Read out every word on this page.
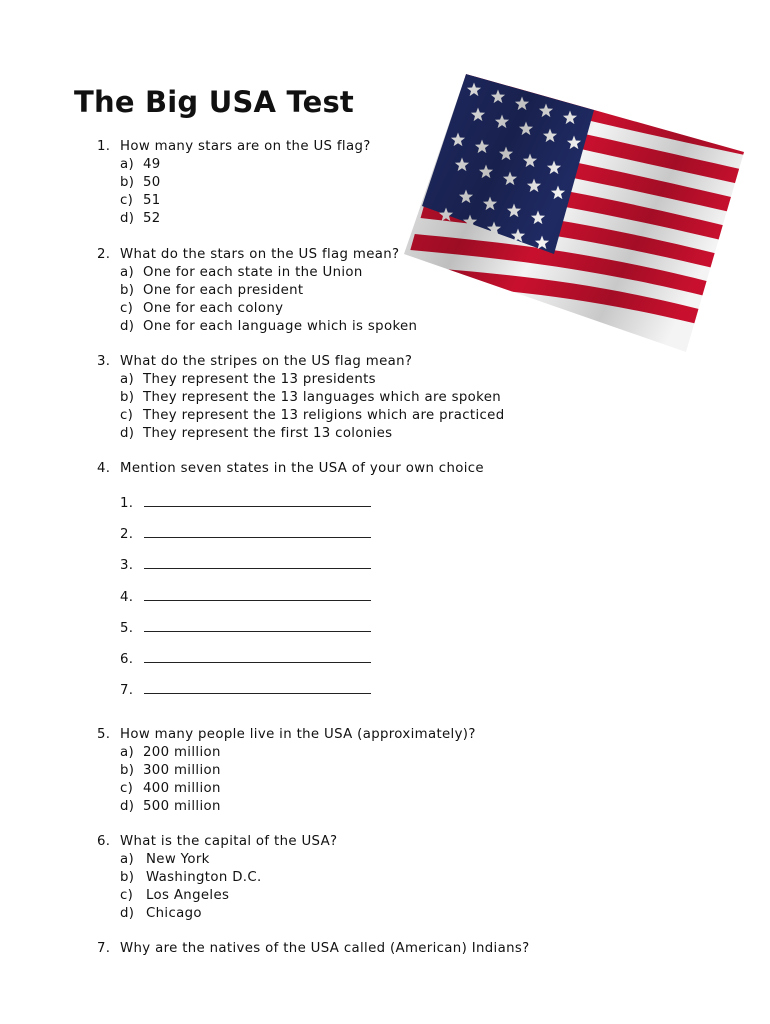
The Big USA Test
1. How many stars are on the US flag?
a) 49
b) 50
c) 51
d) 52
2. What do the stars on the US flag mean?
a) One for each state in the Union
b) One for each president
c) One for each colony
d) One for each language which is spoken
3. What do the stripes on the US flag mean?
a) They represent the 13 presidents
b) They represent the 13 languages which are spoken
c) They represent the 13 religions which are practiced
d) They represent the first 13 colonies
4. Mention seven states in the USA of your own choice
1.
2.
3.
4.
5.
6.
7.
5. How many people live in the USA (approximately)?
a) 200 million
b) 300 million
c) 400 million
d) 500 million
6. What is the capital of the USA?
a) New York
b) Washington D.C.
c) Los Angeles
d) Chicago
7. Why are the natives of the USA called (American) Indians?
